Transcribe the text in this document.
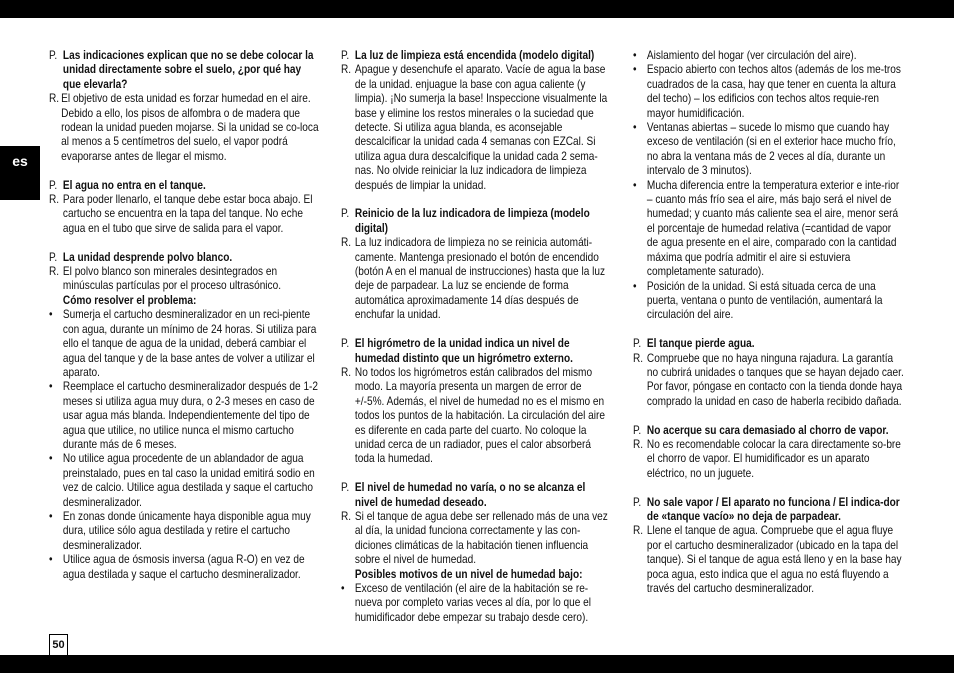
es
P. Las indicaciones explican que no se debe colocar la unidad directamente sobre el suelo, ¿por qué hay que elevarla?
R. El objetivo de esta unidad es forzar humedad en el aire. Debido a ello, los pisos de alfombra o de madera que rodean la unidad pueden mojarse. Si la unidad se co-loca al menos a 5 centímetros del suelo, el vapor podrá evaporarse antes de llegar el mismo.
P. El agua no entra en el tanque.
R. Para poder llenarlo, el tanque debe estar boca abajo. El cartucho se encuentra en la tapa del tanque. No eche agua en el tubo que sirve de salida para el vapor.
P. La unidad desprende polvo blanco.
R. El polvo blanco son minerales desintegrados en minúsculas partículas por el proceso ultrasónico.
Cómo resolver el problema:
• Sumerja el cartucho desmineralizador en un reci-piente con agua, durante un mínimo de 24 horas. Si utiliza para ello el tanque de agua de la unidad, deberá cambiar el agua del tanque y de la base antes de volver a utilizar el aparato.
• Reemplace el cartucho desmineralizador después de 1-2 meses si utiliza agua muy dura, o 2-3 meses en caso de usar agua más blanda. Independientemente del tipo de agua que utilice, no utilice nunca el mismo cartucho durante más de 6 meses.
• No utilice agua procedente de un ablandador de agua preinstalado, pues en tal caso la unidad emitirá sodio en vez de calcio. Utilice agua destilada y saque el cartucho desmineralizador.
• En zonas donde únicamente haya disponible agua muy dura, utilice sólo agua destilada y retire el cartucho desmineralizador.
• Utilice agua de ósmosis inversa (agua R-O) en vez de agua destilada y saque el cartucho desmineralizador.
P. La luz de limpieza está encendida (modelo digital)
R. Apague y desenchufe el aparato. Vacíe de agua la base de la unidad. enjuague la base con agua caliente (y limpia). ¡No sumerja la base! Inspeccione visualmente la base y elimine los restos minerales o la suciedad que detecte. Si utiliza agua blanda, es aconsejable descalcificar la unidad cada 4 semanas con EZCal. Si utiliza agua dura descalcifique la unidad cada 2 sema-nas. No olvide reiniciar la luz indicadora de limpieza después de limpiar la unidad.
P. Reinicio de la luz indicadora de limpieza (modelo digital)
R. La luz indicadora de limpieza no se reinicia automáti-camente. Mantenga presionado el botón de encendido (botón A en el manual de instrucciones) hasta que la luz deje de parpadear. La luz se enciende de forma automática aproximadamente 14 días después de enchufar la unidad.
P. El higrómetro de la unidad indica un nivel de humedad distinto que un higrómetro externo.
R. No todos los higrómetros están calibrados del mismo modo. La mayoría presenta un margen de error de +/-5%. Además, el nivel de humedad no es el mismo en todos los puntos de la habitación. La circulación del aire es diferente en cada parte del cuarto. No coloque la unidad cerca de un radiador, pues el calor absorberá toda la humedad.
P. El nivel de humedad no varía, o no se alcanza el nivel de humedad deseado.
R. Si el tanque de agua debe ser rellenado más de una vez al día, la unidad funciona correctamente y las con-diciones climáticas de la habitación tienen influencia sobre el nivel de humedad.
Posibles motivos de un nivel de humedad bajo:
• Exceso de ventilación (el aire de la habitación se re-nueva por completo varias veces al día, por lo que el humidificador debe empezar su trabajo desde cero).
• Aislamiento del hogar (ver circulación del aire).
• Espacio abierto con techos altos (además de los me-tros cuadrados de la casa, hay que tener en cuenta la altura del techo) – los edificios con techos altos requie-ren mayor humidificación.
• Ventanas abiertas – sucede lo mismo que cuando hay exceso de ventilación (si en el exterior hace mucho frío, no abra la ventana más de 2 veces al día, durante un intervalo de 3 minutos).
• Mucha diferencia entre la temperatura exterior e inte-rior – cuanto más frío sea el aire, más bajo será el nivel de humedad; y cuanto más caliente sea el aire, menor será el porcentaje de humedad relativa (=cantidad de vapor de agua presente en el aire, comparado con la cantidad máxima que podría admitir el aire si estuviera completamente saturado).
• Posición de la unidad. Si está situada cerca de una puerta, ventana o punto de ventilación, aumentará la circulación del aire.
P. El tanque pierde agua.
R. Compruebe que no haya ninguna rajadura. La garantía no cubrirá unidades o tanques que se hayan dejado caer. Por favor, póngase en contacto con la tienda donde haya comprado la unidad en caso de haberla recibido dañada.
P. No acerque su cara demasiado al chorro de vapor.
R. No es recomendable colocar la cara directamente so-bre el chorro de vapor. El humidificador es un aparato eléctrico, no un juguete.
P. No sale vapor / El aparato no funciona / El indica-dor de «tanque vacío» no deja de parpadear.
R. Llene el tanque de agua. Compruebe que el agua fluye por el cartucho desmineralizador (ubicado en la tapa del tanque). Si el tanque de agua está lleno y en la base hay poca agua, esto indica que el agua no está fluyendo a través del cartucho desmineralizador.
50
